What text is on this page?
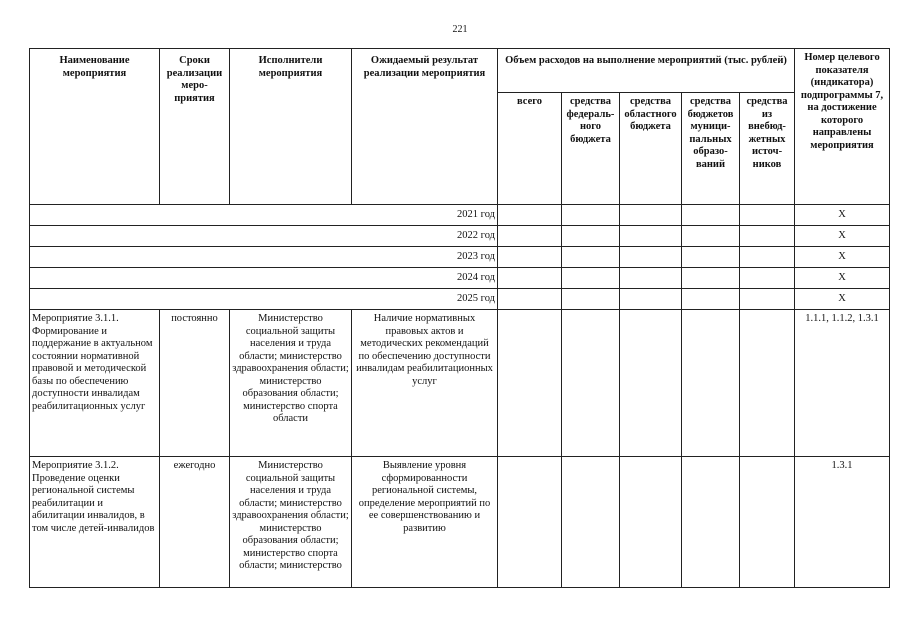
221
Наименование мероприятия	Сроки реализации меро-приятия	Исполнители мероприятия	Ожидаемый результат реализации мероприятия	Объем расходов на выполнение мероприятий (тыс. рублей)					Номер целевого показателя (индикатора) подпрограммы 7, на достижение которого направлены мероприятия
				всего	средства федераль-ного бюджета	средства областного бюджета	средства бюджетов муници-пальных образо-ваний	средства из внебюд-жетных источ-ников	
2021 год									X
2022 год									X
2023 год									X
2024 год									X
2025 год									X
Мероприятие 3.1.1. Формирование и поддержание в актуальном состоянии нормативной правовой и методической базы по обеспечению доступности инвалидам реабилитационных услуг	постоянно	Министерство социальной защиты населения и труда области; министерство здравоохранения области; министерство образования области; министерство спорта области	Наличие нормативных правовых актов и методических рекомендаций по обеспечению доступности инвалидам реабилитационных услуг						1.1.1, 1.1.2, 1.3.1
Мероприятие 3.1.2. Проведение оценки региональной системы реабилитации и абилитации инвалидов, в том числе детей-инвалидов	ежегодно	Министерство социальной защиты населения и труда области; министерство здравоохранения области; министерство образования области; министерство спорта области; министерство	Выявление уровня сформированности региональной системы, определение мероприятий по ее совершенствованию и развитию						1.3.1
